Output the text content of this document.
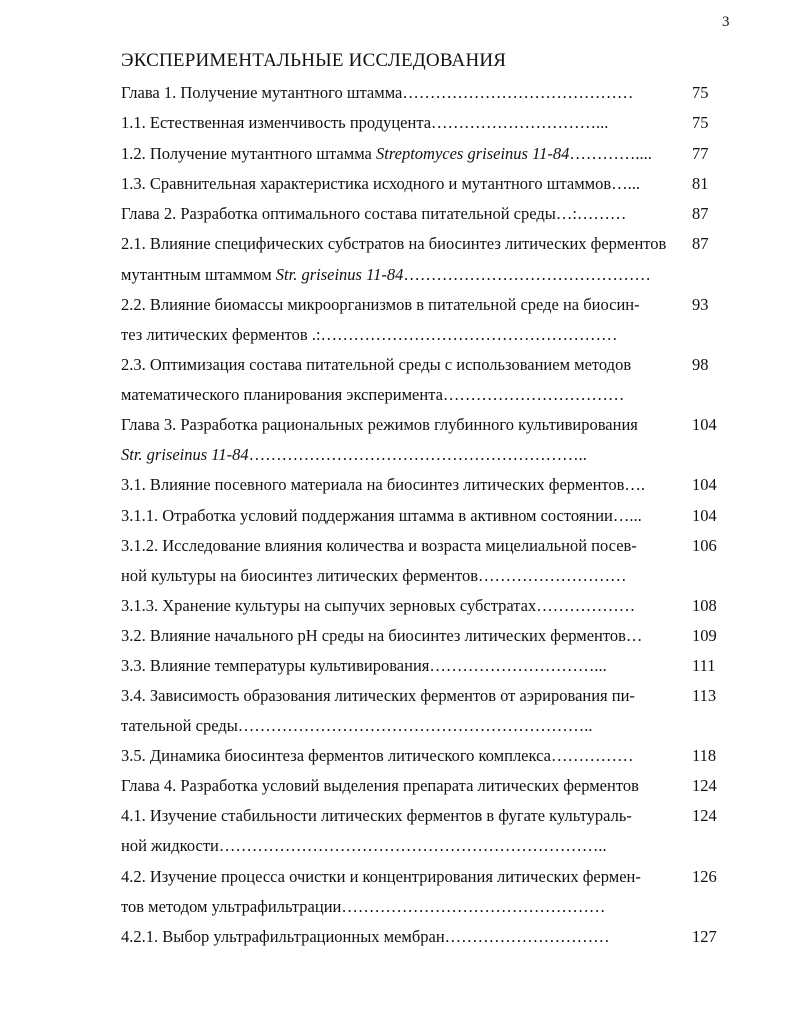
3
ЭКСПЕРИМЕНТАЛЬНЫЕ ИССЛЕДОВАНИЯ
Глава 1. Получение мутантного штамма……………………………………	75
1.1. Естественная изменчивость продуцента…………………………...	75
1.2. Получение мутантного штамма Streptomyces griseinus 11-84…………....	77
1.3. Сравнительная характеристика исходного и мутантного штаммов…...	81
Глава 2. Разработка оптимального состава питательной среды…:………	87
2.1. Влияние специфических субстратов на биосинтез литических ферментов	87
мутантным штаммом Str. griseinus 11-84………………………………………
2.2. Влияние биомассы микроорганизмов в питательной среде на биосин-	93
тез литических ферментов .:………………………………………………
2.3. Оптимизация состава питательной среды с использованием методов	98
математического планирования эксперимента……………………………
Глава 3. Разработка рациональных режимов глубинного культивирования	104
Str. griseinus 11-84……………………………………………………..
3.1. Влияние посевного материала на биосинтез литических ферментов….	104
3.1.1. Отработка условий поддержания штамма в активном состоянии…...	104
3.1.2. Исследование влияния количества и возраста мицелиальной посев-	106
ной культуры на биосинтез литических ферментов………………………
3.1.3. Хранение культуры на сыпучих зерновых субстратах………………	108
3.2. Влияние начального рН среды на биосинтез литических ферментов…	109
3.3. Влияние температуры культивирования…………………………...	111
3.4. Зависимость образования литических ферментов от аэрирования пи-	113
тательной среды………………………………………………………..
3.5. Динамика биосинтеза ферментов литического комплекса……………	118
Глава 4. Разработка условий выделения препарата литических ферментов	124
4.1. Изучение стабильности литических ферментов в фугате культураль-	124
ной жидкости……………………………………………………………..
4.2. Изучение процесса очистки и концентрирования литических фермен-	126
тов методом ультрафильтрации…………………………………………
4.2.1. Выбор ультрафильтрационных мембран…………………………	127
